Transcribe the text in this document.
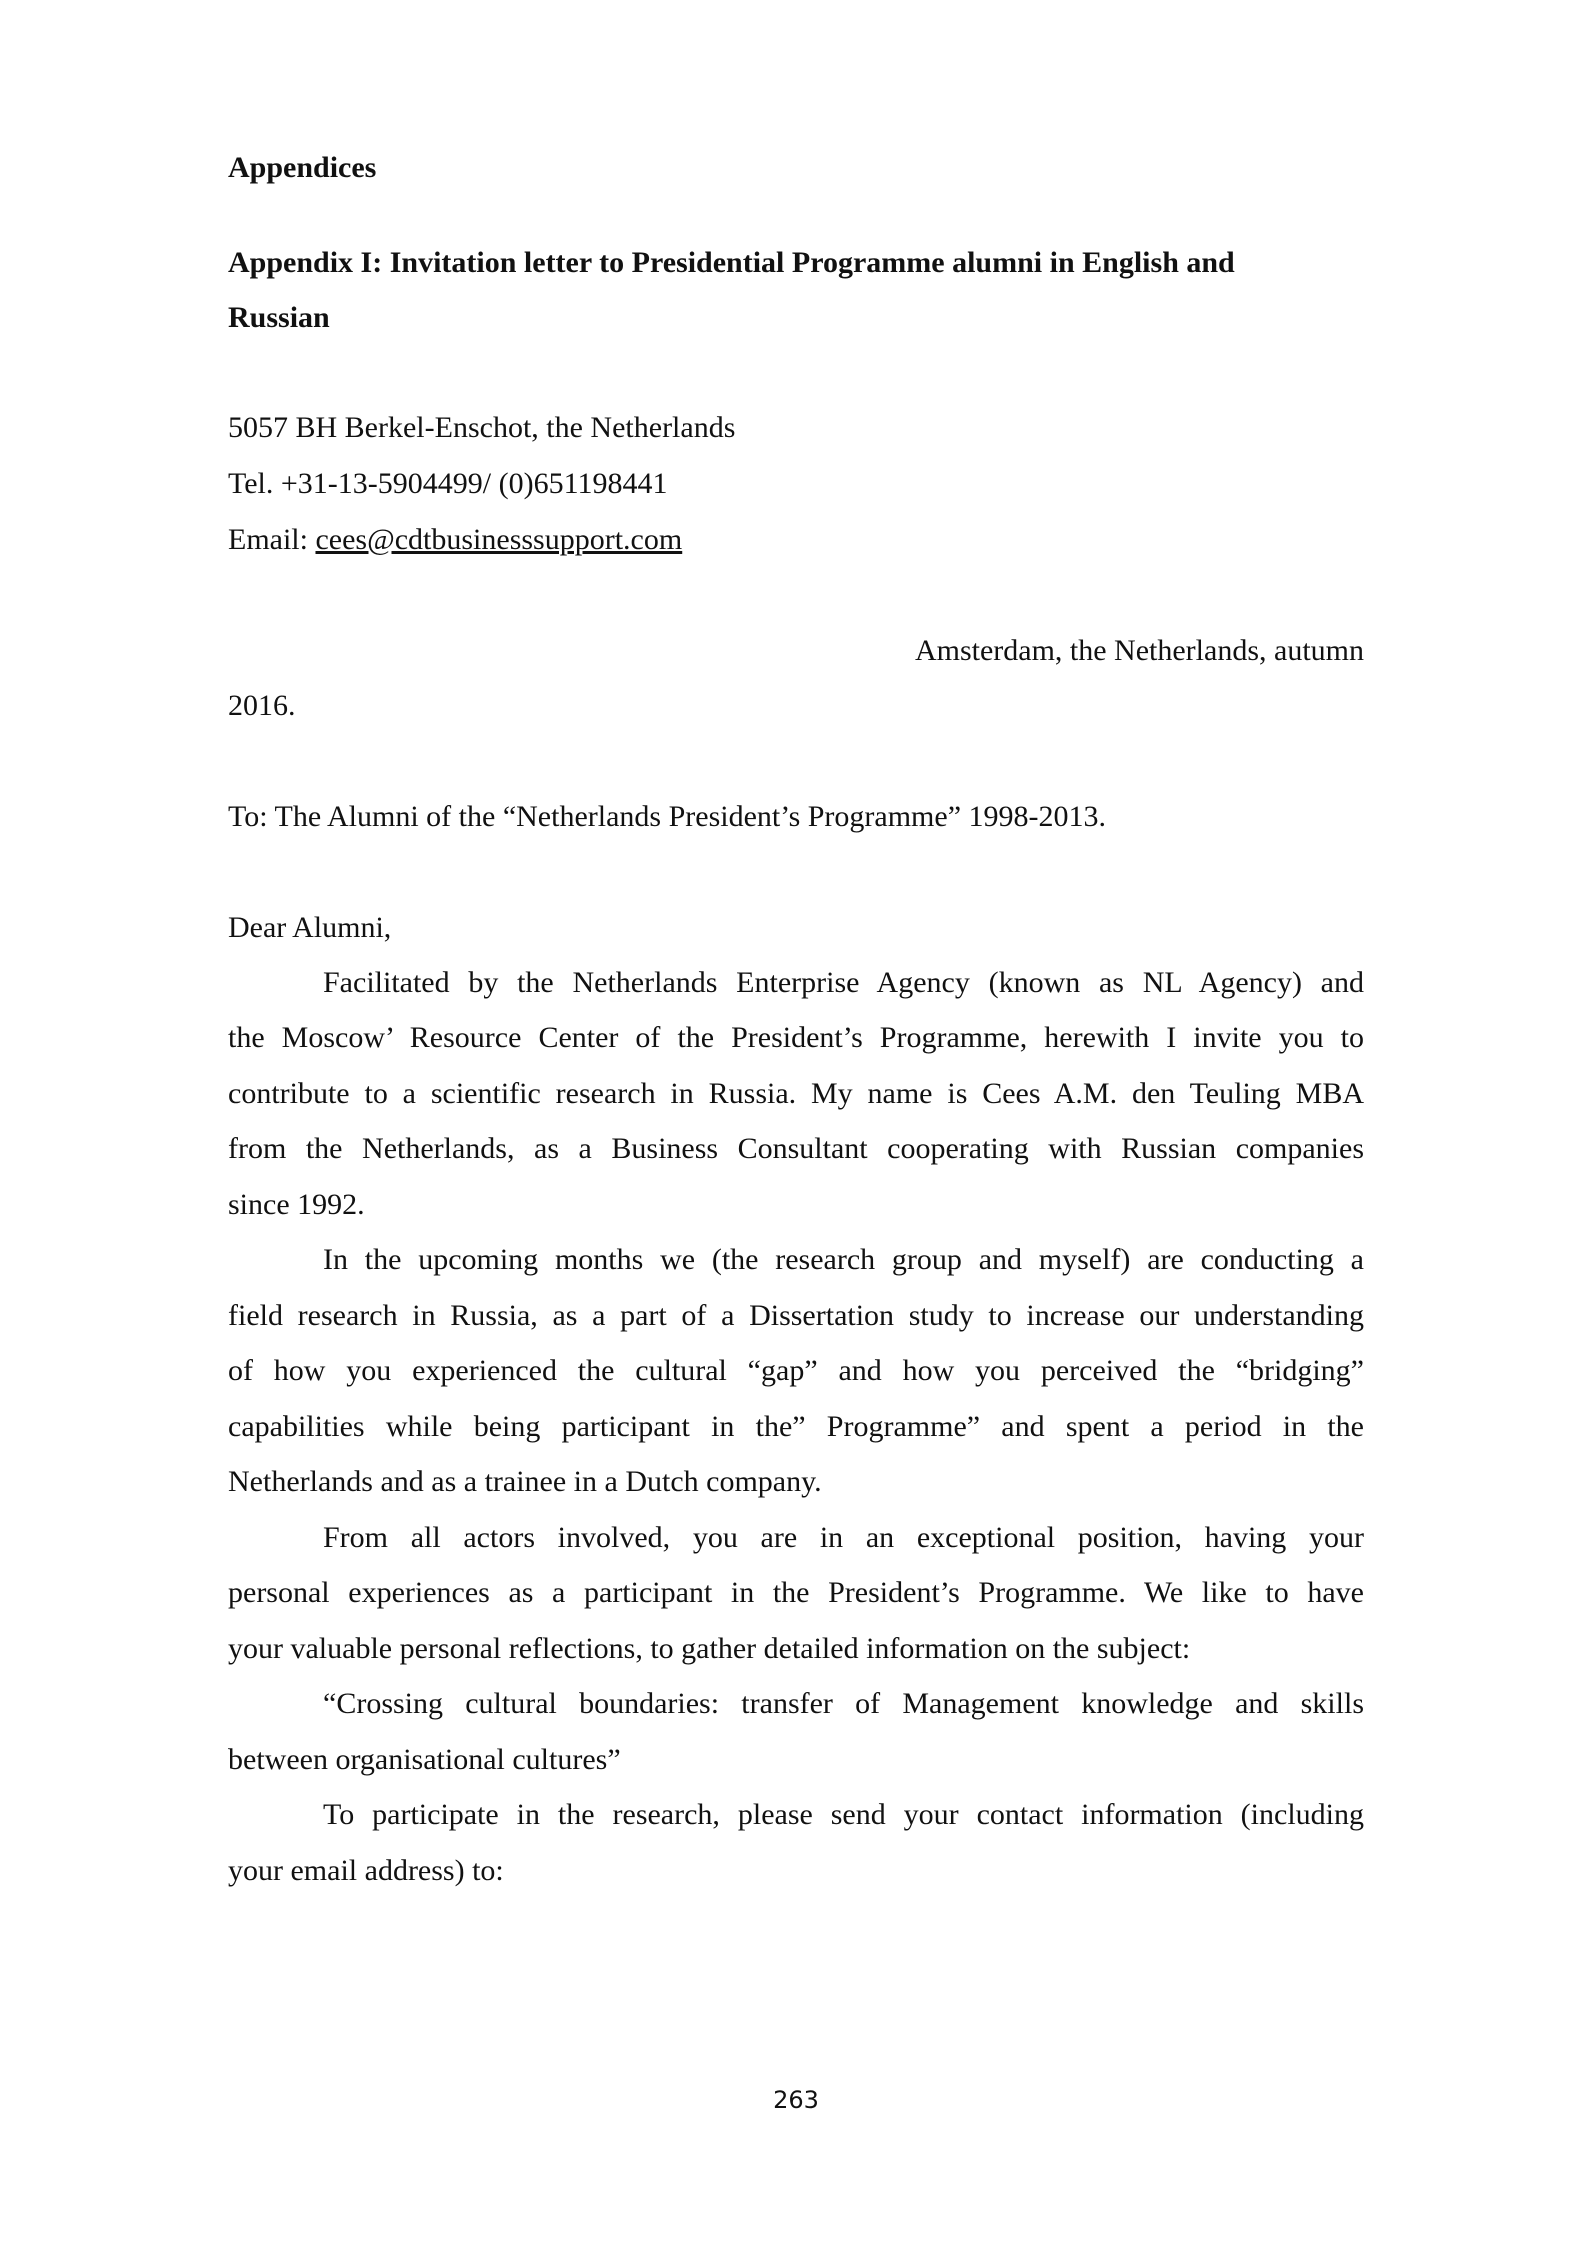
Appendices
Appendix I: Invitation letter to Presidential Programme alumni in English and
Russian
5057 BH Berkel-Enschot, the Netherlands
Tel. +31-13-5904499/ (0)651198441
Email: cees@cdtbusinesssupport.com
Amsterdam, the Netherlands, autumn
2016.
To: The Alumni of the “Netherlands President’s Programme” 1998-2013.
Dear Alumni,
Facilitated by the Netherlands Enterprise Agency (known as NL Agency) and
the Moscow’ Resource Center of the President’s Programme, herewith I invite you to
contribute to a scientific research in Russia. My name is Cees A.M. den Teuling MBA
from the Netherlands, as a Business Consultant cooperating with Russian companies
since 1992.
In the upcoming months we (the research group and myself) are conducting a
field research in Russia, as a part of a Dissertation study to increase our understanding
of how you experienced the cultural “gap” and how you perceived the “bridging”
capabilities while being participant in the” Programme” and spent a period in the
Netherlands and as a trainee in a Dutch company.
From all actors involved, you are in an exceptional position, having your
personal experiences as a participant in the President’s Programme. We like to have
your valuable personal reflections, to gather detailed information on the subject:
“Crossing cultural boundaries: transfer of Management knowledge and skills
between organisational cultures”
To participate in the research, please send your contact information (including
your email address) to:
263
